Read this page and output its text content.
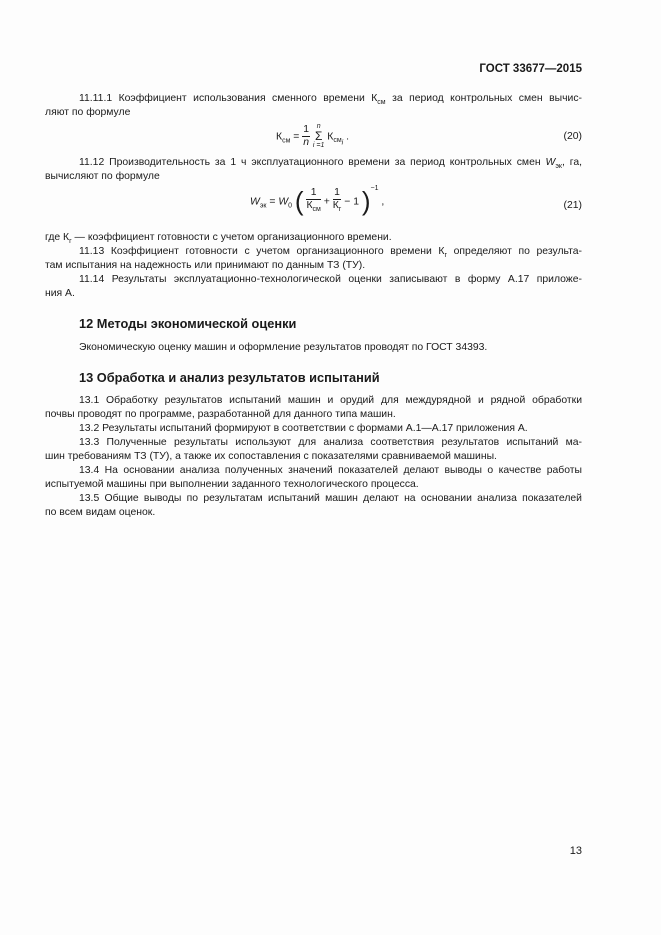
ГОСТ 33677—2015
11.11.1 Коэффициент использования сменного времени $К_{см}$ за период контрольных смен вычис-
ляют по формуле
$К_{см} = \frac{1}{n}$
n
Σ
i =1
$К_{см_i}$ .	(20)
11.12 Производительность за 1 ч эксплуатационного времени за период контрольных смен $W_{эк}$, га,
вычисляют по формуле
$W_{эк} = W_0$ ( $\frac{1}{К_{см}} + \frac{1}{К_г} - 1$ )$^{-1}$ ,	(21)
где $К_г$ — коэффициент готовности с учетом организационного времени.
11.13 Коэффициент готовности с учетом организационного времени $К_г$ определяют по результа-
там испытания на надежность или принимают по данным ТЗ (ТУ).
11.14 Результаты эксплуатационно-технологической оценки записывают в форму А.17 приложе-
ния А.
12 Методы экономической оценки
Экономическую оценку машин и оформление результатов проводят по ГОСТ 34393.
13 Обработка и анализ результатов испытаний
13.1 Обработку результатов испытаний машин и орудий для междурядной и рядной обработки
почвы проводят по программе, разработанной для данного типа машин.
13.2 Результаты испытаний формируют в соответствии с формами А.1—А.17 приложения А.
13.3 Полученные результаты используют для анализа соответствия результатов испытаний ма-
шин требованиям ТЗ (ТУ), а также их сопоставления с показателями сравниваемой машины.
13.4 На основании анализа полученных значений показателей делают выводы о качестве работы
испытуемой машины при выполнении заданного технологического процесса.
13.5 Общие выводы по результатам испытаний машин делают на основании анализа показателей
по всем видам оценок.
13
